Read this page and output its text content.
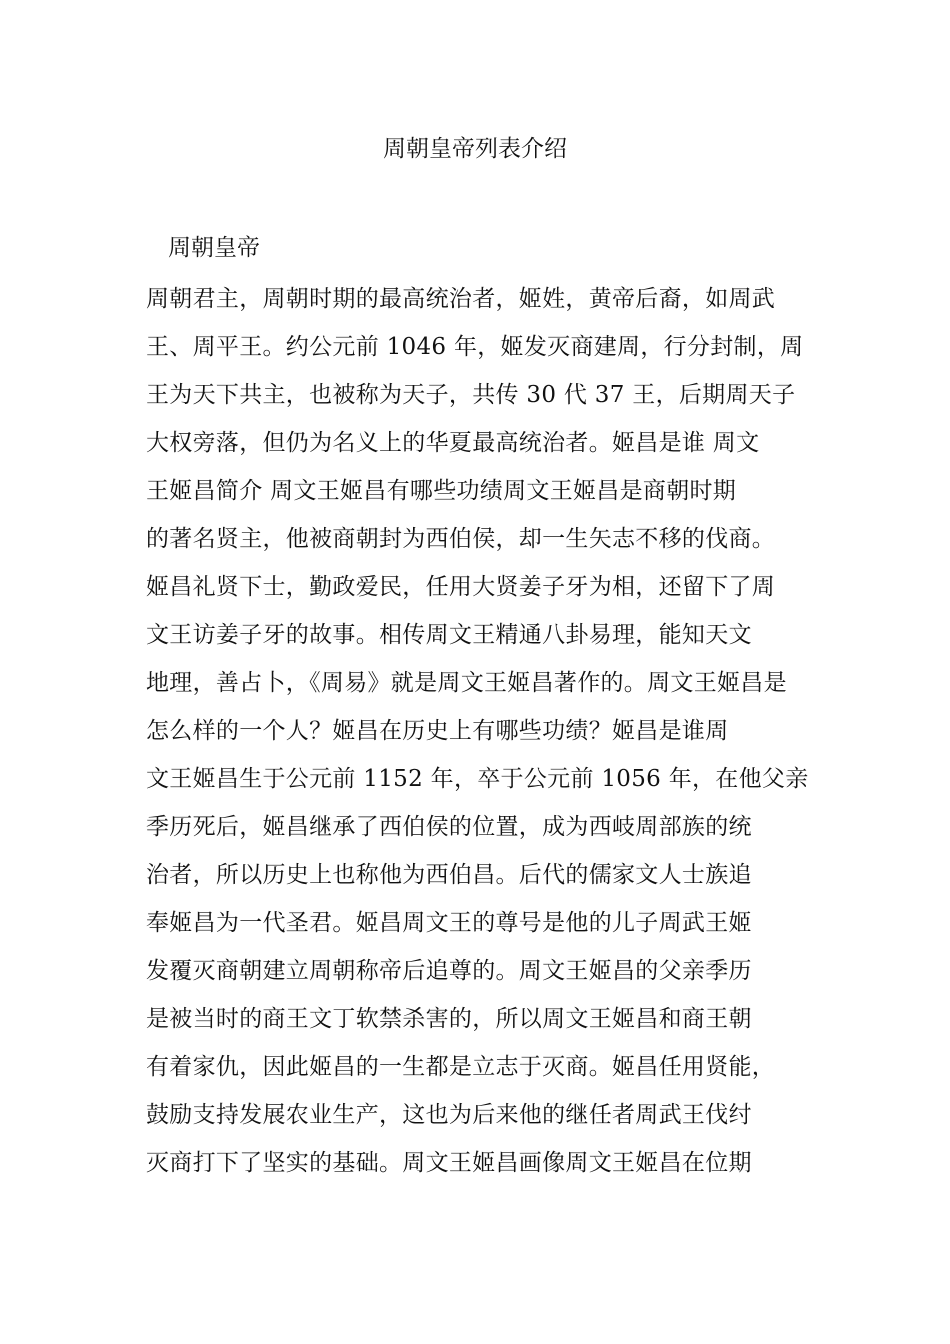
周朝皇帝列表介绍
周朝皇帝
周朝君主，周朝时期的最高统治者，姬姓，黄帝后裔，如周武
王、周平王。约公元前 1046 年，姬发灭商建周，行分封制，周
王为天下共主，也被称为天子，共传 30 代 37 王，后期周天子
大权旁落，但仍为名义上的华夏最高统治者。姬昌是谁 周文
王姬昌简介 周文王姬昌有哪些功绩周文王姬昌是商朝时期
的著名贤主，他被商朝封为西伯侯，却一生矢志不移的伐商。
姬昌礼贤下士，勤政爱民，任用大贤姜子牙为相，还留下了周
文王访姜子牙的故事。相传周文王精通八卦易理，能知天文
地理，善占卜，《周易》就是周文王姬昌著作的。周文王姬昌是
怎么样的一个人？姬昌在历史上有哪些功绩？姬昌是谁周
文王姬昌生于公元前 1152 年，卒于公元前 1056 年，在他父亲
季历死后，姬昌继承了西伯侯的位置，成为西岐周部族的统
治者，所以历史上也称他为西伯昌。后代的儒家文人士族追
奉姬昌为一代圣君。姬昌周文王的尊号是他的儿子周武王姬
发覆灭商朝建立周朝称帝后追尊的。周文王姬昌的父亲季历
是被当时的商王文丁软禁杀害的，所以周文王姬昌和商王朝
有着家仇，因此姬昌的一生都是立志于灭商。姬昌任用贤能，
鼓励支持发展农业生产，这也为后来他的继任者周武王伐纣
灭商打下了坚实的基础。周文王姬昌画像周文王姬昌在位期
